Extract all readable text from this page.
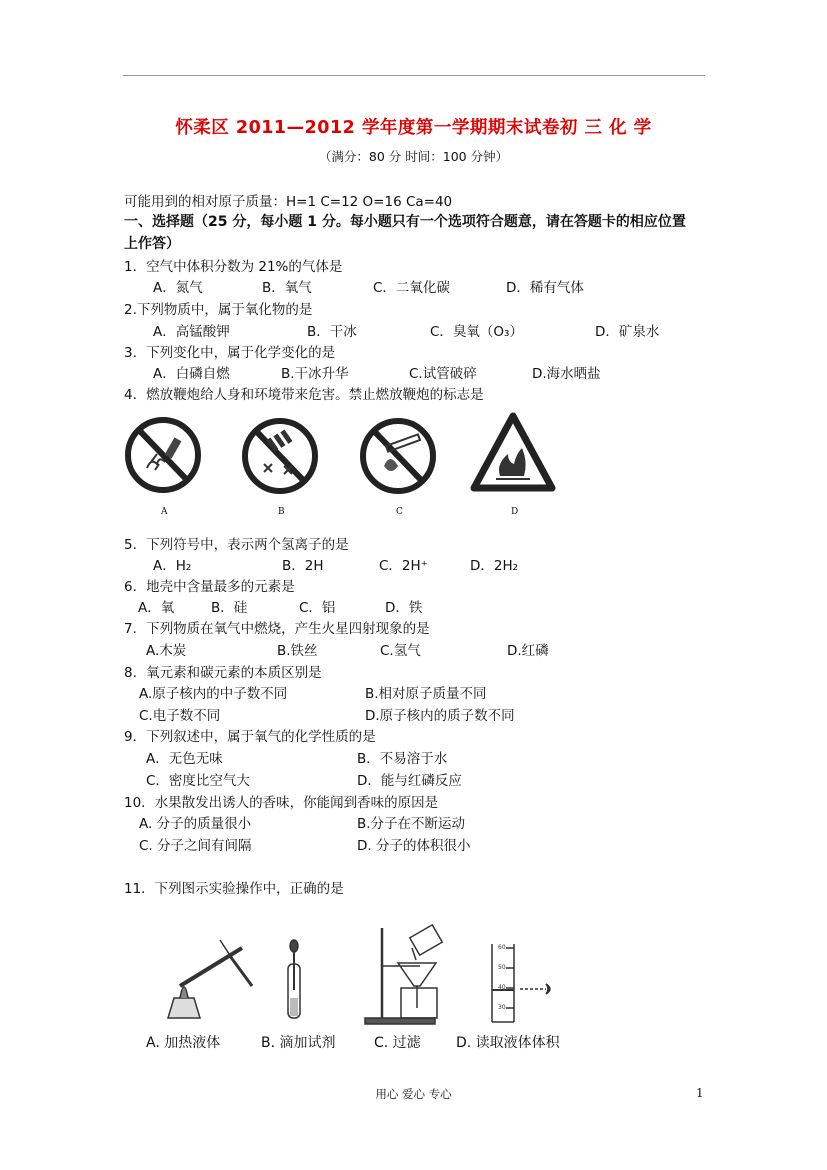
怀柔区 2011—2012 学年度第一学期期末试卷初 三 化 学
（满分：80 分 时间：100 分钟）
可能用到的相对原子质量：H=1 C=12 O=16 Ca=40
一、选择题（25 分，每小题 1 分。每小题只有一个选项符合题意，请在答题卡的相应位置
上作答）
1．空气中体积分数为 21%的气体是
A．氮气	B．氧气	C．二氧化碳	D．稀有气体
2.下列物质中，属于氧化物的是
A．高锰酸钾	B．干冰	C．臭氧（O₃）	D．矿泉水
3．下列变化中，属于化学变化的是
A．白磷自燃	B.干冰升华	C.试管破碎	D.海水晒盐
4．燃放鞭炮给人身和环境带来危害。禁止燃放鞭炮的标志是
A	B	C	D
5．下列符号中，表示两个氢离子的是
A．H₂	B．2H	C．2H⁺	D．2H₂
6．地壳中含量最多的元素是
A．氧	B．硅	C．铝	D．铁
7．下列物质在氧气中燃烧，产生火星四射现象的是
A.木炭	B.铁丝	C.氢气	D.红磷
8．氧元素和碳元素的本质区别是
A.原子核内的中子数不同	B.相对原子质量不同
C.电子数不同	D.原子核内的质子数不同
9．下列叙述中，属于氧气的化学性质的是
A．无色无味	B．不易溶于水
C．密度比空气大	D．能与红磷反应
10．水果散发出诱人的香味，你能闻到香味的原因是
A. 分子的质量很小	B.分子在不断运动
C. 分子之间有间隔	D. 分子的体积很小
11．下列图示实验操作中，正确的是
60
50
40
30
A. 加热液体	B. 滴加试剂	C. 过滤	D. 读取液体体积
用心 爱心 专心	1
